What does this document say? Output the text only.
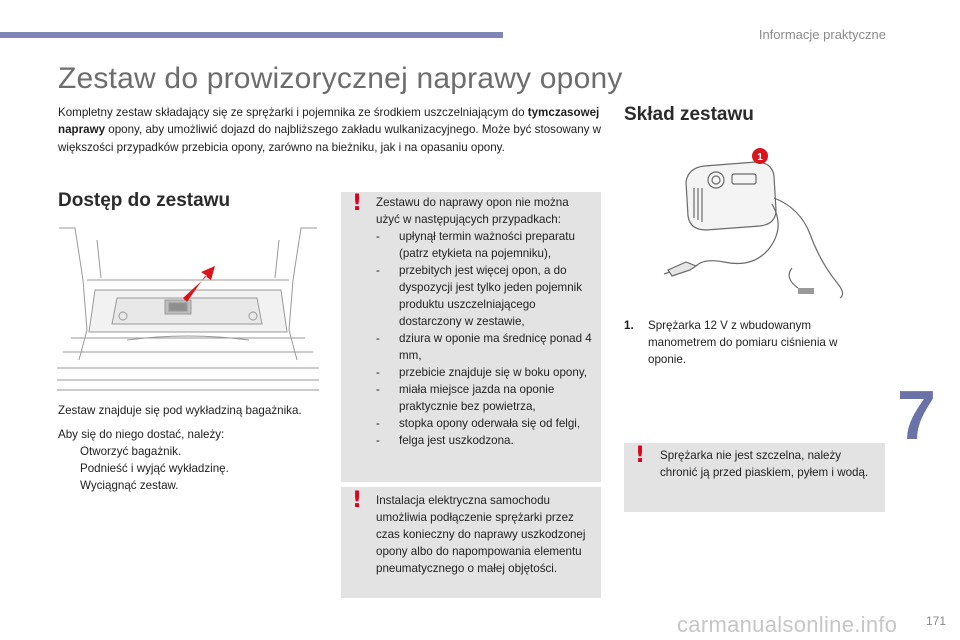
Informacje praktyczne
Zestaw do prowizorycznej naprawy opony
Kompletny zestaw składający się ze sprężarki i pojemnika ze środkiem uszczelniającym do tymczasowej naprawy opony, aby umożliwić dojazd do najbliższego zakładu wulkanizacyjnego. Może być stosowany w większości przypadków przebicia opony, zarówno na bieżniku, jak i na opasaniu opony.
Dostęp do zestawu
Zestaw znajduje się pod wykładziną bagażnika.
Aby się do niego dostać, należy:
Otworzyć bagażnik.
Podnieść i wyjąć wykładzinę.
Wyciągnąć zestaw.
! Zestawu do naprawy opon nie można użyć w następujących przypadkach:
- upłynął termin ważności preparatu (patrz etykieta na pojemniku),
- przebitych jest więcej opon, a do dyspozycji jest tylko jeden pojemnik produktu uszczelniającego dostarczony w zestawie,
- dziura w oponie ma średnicę ponad 4 mm,
- przebicie znajduje się w boku opony,
- miała miejsce jazda na oponie praktycznie bez powietrza,
- stopka opony oderwała się od felgi,
- felga jest uszkodzona.
! Instalacja elektryczna samochodu umożliwia podłączenie sprężarki przez czas konieczny do naprawy uszkodzonej opony albo do napompowania elementu pneumatycznego o małej objętości.
Skład zestawu
1
1.	Sprężarka 12 V z wbudowanym manometrem do pomiaru ciśnienia w oponie.
! Sprężarka nie jest szczelna, należy chronić ją przed piaskiem, pyłem i wodą.
7
171
carmanualsonline.info
